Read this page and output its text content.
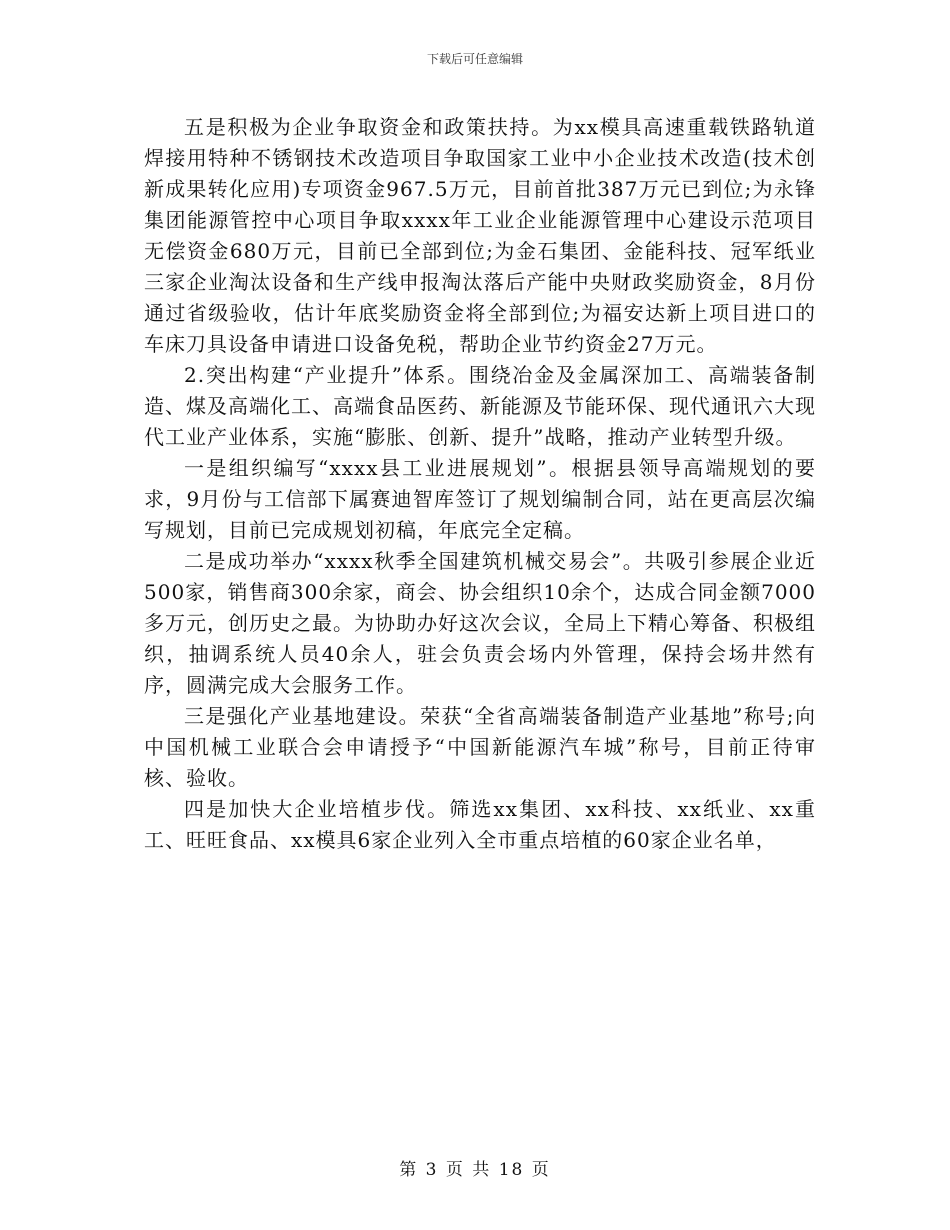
下载后可任意编辑

五是积极为企业争取资金和政策扶持。为xx模具高速重载铁路轨道焊接用特种不锈钢技术改造项目争取国家工业中小企业技术改造(技术创新成果转化应用)专项资金967.5万元，目前首批387万元已到位;为永锋集团能源管控中心项目争取xxxx年工业企业能源管理中心建设示范项目无偿资金680万元，目前已全部到位;为金石集团、金能科技、冠军纸业三家企业淘汰设备和生产线申报淘汰落后产能中央财政奖励资金，8月份通过省级验收，估计年底奖励资金将全部到位;为福安达新上项目进口的车床刀具设备申请进口设备免税，帮助企业节约资金27万元。

2.突出构建“产业提升”体系。围绕冶金及金属深加工、高端装备制造、煤及高端化工、高端食品医药、新能源及节能环保、现代通讯六大现代工业产业体系，实施“膨胀、创新、提升”战略，推动产业转型升级。

一是组织编写“xxxx县工业进展规划”。根据县领导高端规划的要求，9月份与工信部下属赛迪智库签订了规划编制合同，站在更高层次编写规划，目前已完成规划初稿，年底完全定稿。

二是成功举办“xxxx秋季全国建筑机械交易会”。共吸引参展企业近500家，销售商300余家，商会、协会组织10余个，达成合同金额7000多万元，创历史之最。为协助办好这次会议，全局上下精心筹备、积极组织，抽调系统人员40余人，驻会负责会场内外管理，保持会场井然有序，圆满完成大会服务工作。

三是强化产业基地建设。荣获“全省高端装备制造产业基地”称号;向中国机械工业联合会申请授予“中国新能源汽车城”称号，目前正待审核、验收。

四是加快大企业培植步伐。筛选xx集团、xx科技、xx纸业、xx重工、旺旺食品、xx模具6家企业列入全市重点培植的60家企业名单，

第 3 页 共 18 页
